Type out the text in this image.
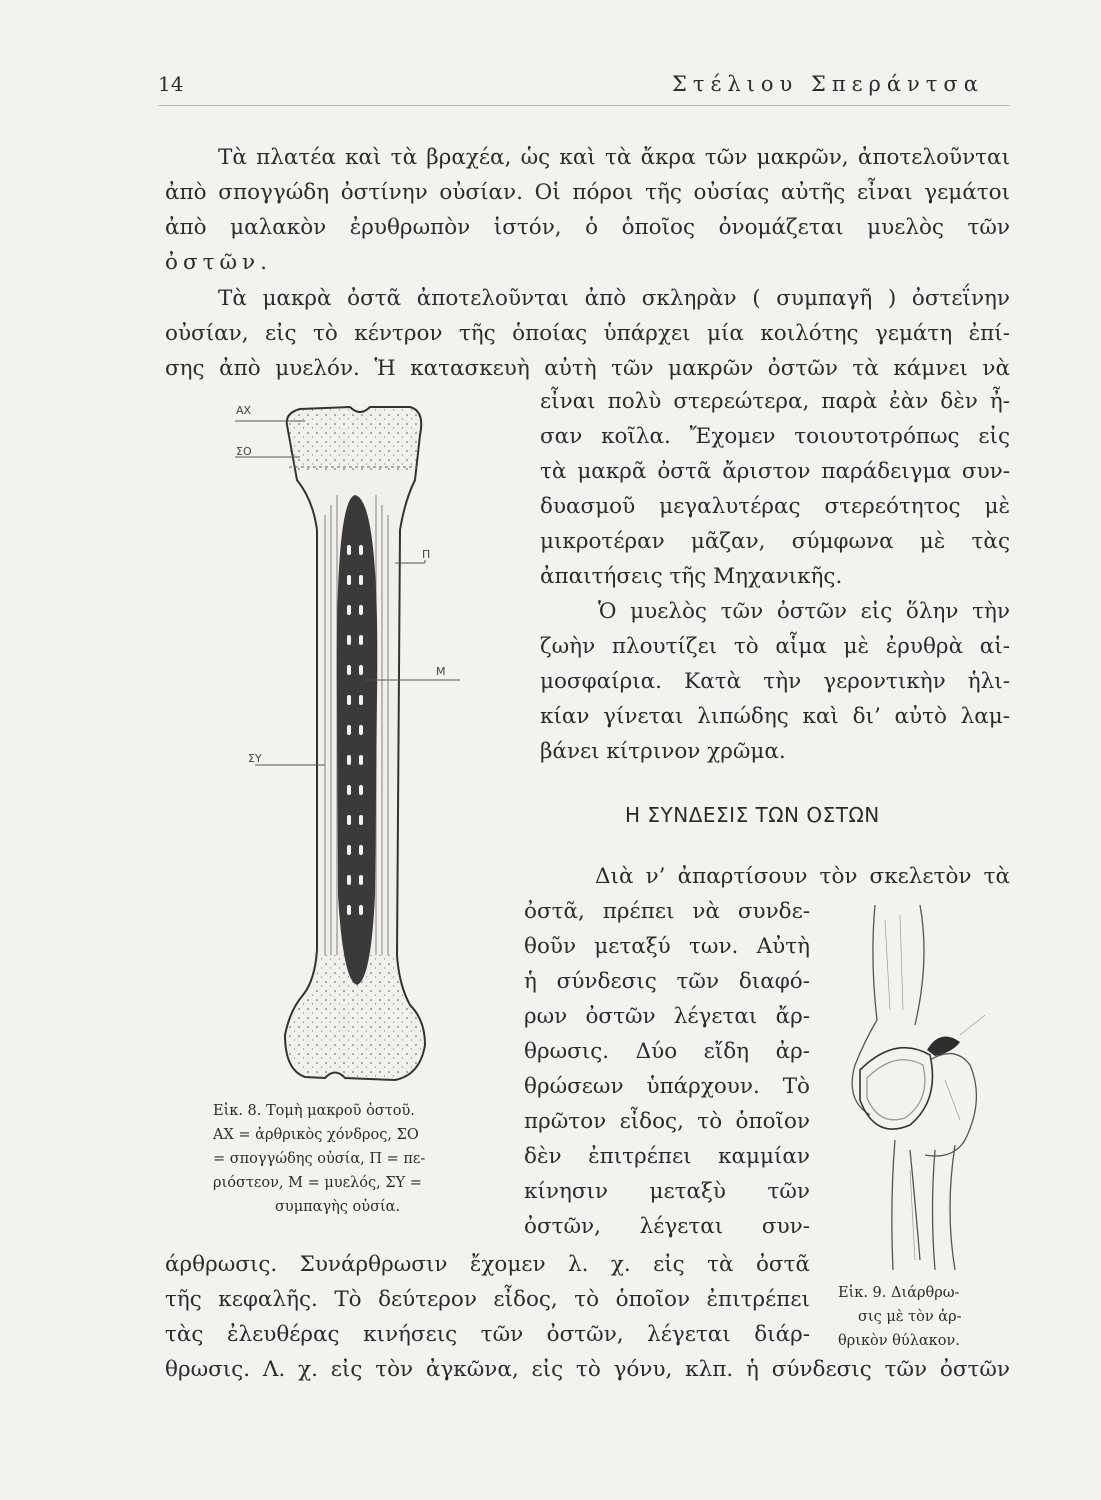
14	Στέλιου Σπεράντσα
Τὰ πλατέα καὶ τὰ βραχέα, ὡς καὶ τὰ ἄκρα τῶν μακρῶν, ἀποτελοῦνται
ἀπὸ σπογγώδη ὀστίνην οὐσίαν. Οἱ πόροι τῆς οὐσίας αὐτῆς εἶναι γεμάτοι
ἀπὸ μαλακὸν ἐρυθρωπὸν ἱστόν, ὁ ὁποῖος ὀνομάζεται μυελὸς τῶν
ὀστῶν.
Τὰ μακρὰ ὀστᾶ ἀποτελοῦνται ἀπὸ σκληρὰν ( συμπαγῆ ) ὀστεΐνην
οὐσίαν, εἰς τὸ κέντρον τῆς ὁποίας ὑπάρχει μία κοιλότης γεμάτη ἐπί-
σης ἀπὸ μυελόν. Ἡ κατασκευὴ αὐτὴ τῶν μακρῶν ὀστῶν τὰ κάμνει νὰ
εἶναι πολὺ στερεώτερα, παρὰ ἐὰν δὲν ἦ-
σαν κοῖλα. Ἔχομεν τοιουτοτρόπως εἰς
τὰ μακρᾶ ὀστᾶ ἄριστον παράδειγμα συν-
δυασμοῦ μεγαλυτέρας στερεότητος μὲ
μικροτέραν μᾶζαν, σύμφωνα μὲ τὰς
ἀπαιτήσεις τῆς Μηχανικῆς.
Ὁ μυελὸς τῶν ὀστῶν εἰς ὅλην τὴν
ζωὴν πλουτίζει τὸ αἷμα μὲ ἐρυθρὰ αἱ-
μοσφαίρια. Κατὰ τὴν γεροντικὴν ἡλι-
κίαν γίνεται λιπώδης καὶ δι’ αὐτὸ λαμ-
βάνει κίτρινον χρῶμα.
Η ΣΥΝΔΕΣΙΣ ΤΩΝ ΟΣΤΩΝ
Διὰ ν’ ἀπαρτίσουν τὸν σκελετὸν τὰ
ὀστᾶ, πρέπει νὰ συνδε-
θοῦν μεταξύ των. Αὐτὴ
ἡ σύνδεσις τῶν διαφό-
ρων ὀστῶν λέγεται ἄρ-
θρωσις. Δύο εἴδη ἀρ-
θρώσεων ὑπάρχουν. Τὸ
πρῶτον εἶδος, τὸ ὁποῖον
δὲν ἐπιτρέπει καμμίαν
κίνησιν μεταξὺ τῶν
ὀστῶν, λέγεται συν-
άρθρωσις. Συνάρθρωσιν ἔχομεν λ. χ. εἰς τὰ ὀστᾶ
τῆς κεφαλῆς. Τὸ δεύτερον εἶδος, τὸ ὁποῖον ἐπιτρέπει
τὰς ἐλευθέρας κινήσεις τῶν ὀστῶν, λέγεται διάρ-
θρωσις. Λ. χ. εἰς τὸν ἀγκῶνα, εἰς τὸ γόνυ, κλπ. ἡ σύνδεσις τῶν ὀστῶν
ΑΧ
ΣΟ
Π
Μ
ΣΥ
Εἰκ. 8. Τομὴ μακροῦ ὀστοῦ.
ΑΧ = ἀρθρικὸς χόνδρος, ΣΟ
= σπογγώδης οὐσία, Π = πε-
ριόστεον, Μ = μυελός, ΣΥ =
συμπαγὴς οὐσία.
Εἰκ. 9. Διάρθρω-
σις μὲ τὸν ἀρ-
θρικὸν θύλακον.
